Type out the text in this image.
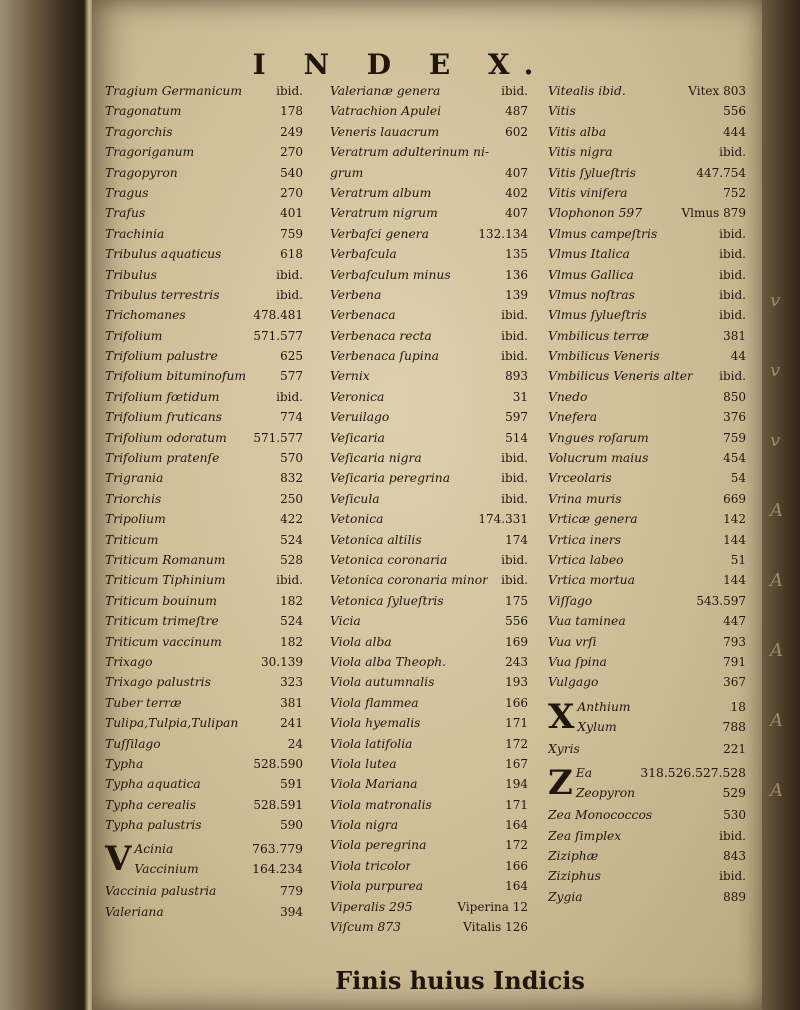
v
v
v
A
A
A
A
A
I N D E X.
Tragium Germanicum	ibid.
Tragonatum	178
Tragorchis	249
Tragoriganum	270
Tragopyron	540
Tragus	270
Trafus	401
Trachinia	759
Tribulus aquaticus	618
Tribulus	ibid.
Tribulus terrestris	ibid.
Trichomanes	478.481
Trifolium	571.577
Trifolium palustre	625
Trifolium bituminofum	577
Trifolium fœtidum	ibid.
Trifolium fruticans	774
Trifolium odoratum	571.577
Trifolium pratenſe	570
Trigrania	832
Triorchis	250
Tripolium	422
Triticum	524
Triticum Romanum	528
Triticum Tiphinium	ibid.
Triticum bouinum	182
Triticum trimeſtre	524
Triticum vaccinum	182
Trixago	30.139
Trixago palustris	323
Tuber terræ	381
Tulipa,Tulpia,Tulipan	241
Tuſſilago	24
Typha	528.590
Typha aquatica	591
Typha cerealis	528.591
Typha palustris	590
V Acinia	763.779
Vaccinium	164.234
Vaccinia palustria	779
Valeriana	394
Valerianæ genera	ibid.
Vatrachion Apulei	487
Veneris lauacrum	602
Veratrum adulterinum ni-
grum	407
Veratrum album	402
Veratrum nigrum	407
Verbaſci genera	132.134
Verbaſcula	135
Verbaſculum minus	136
Verbena	139
Verbenaca	ibid.
Verbenaca recta	ibid.
Verbenaca ſupina	ibid.
Vernix	893
Veronica	31
Veruilago	597
Veſicaria	514
Veſicaria nigra	ibid.
Veſicaria peregrina	ibid.
Veſicula	ibid.
Vetonica	174.331
Vetonica altilis	174
Vetonica coronaria	ibid.
Vetonica coronaria minor	ibid.
Vetonica ſylueſtris	175
Vicia	556
Viola alba	169
Viola alba Theoph.	243
Viola autumnalis	193
Viola flammea	166
Viola hyemalis	171
Viola latifolia	172
Viola lutea	167
Viola Mariana	194
Viola matronalis	171
Viola nigra	164
Viola peregrina	172
Viola tricolor	166
Viola purpurea	164
Viperalis 295	Viperina 12
Viſcum 873	Vitalis 126
Vitealis ibid.	Vitex 803
Vitis	556
Vitis alba	444
Vitis nigra	ibid.
Vitis ſylueſtris	447.754
Vitis vinifera	752
Vlophonon 597	Vlmus 879
Vlmus campeſtris	ibid.
Vlmus Italica	ibid.
Vlmus Gallica	ibid.
Vlmus noſtras	ibid.
Vlmus ſylueſtris	ibid.
Vmbilicus terræ	381
Vmbilicus Veneris	44
Vmbilicus Veneris alter	ibid.
Vnedo	850
Vnefera	376
Vngues roſarum	759
Volucrum maius	454
Vrceolaris	54
Vrina muris	669
Vrticæ genera	142
Vrtica iners	144
Vrtica labeo	51
Vrtica mortua	144
Viſſago	543.597
Vua taminea	447
Vua vrſi	793
Vua ſpina	791
Vulgago	367
X Anthium	18
Xylum	788
Xyris	221
Z Ea	318.526.527.528
Zeopyron	529
Zea Monococcos	530
Zea ſimplex	ibid.
Ziziphæ	843
Ziziphus	ibid.
Zygia	889
Finis huius Indicis
